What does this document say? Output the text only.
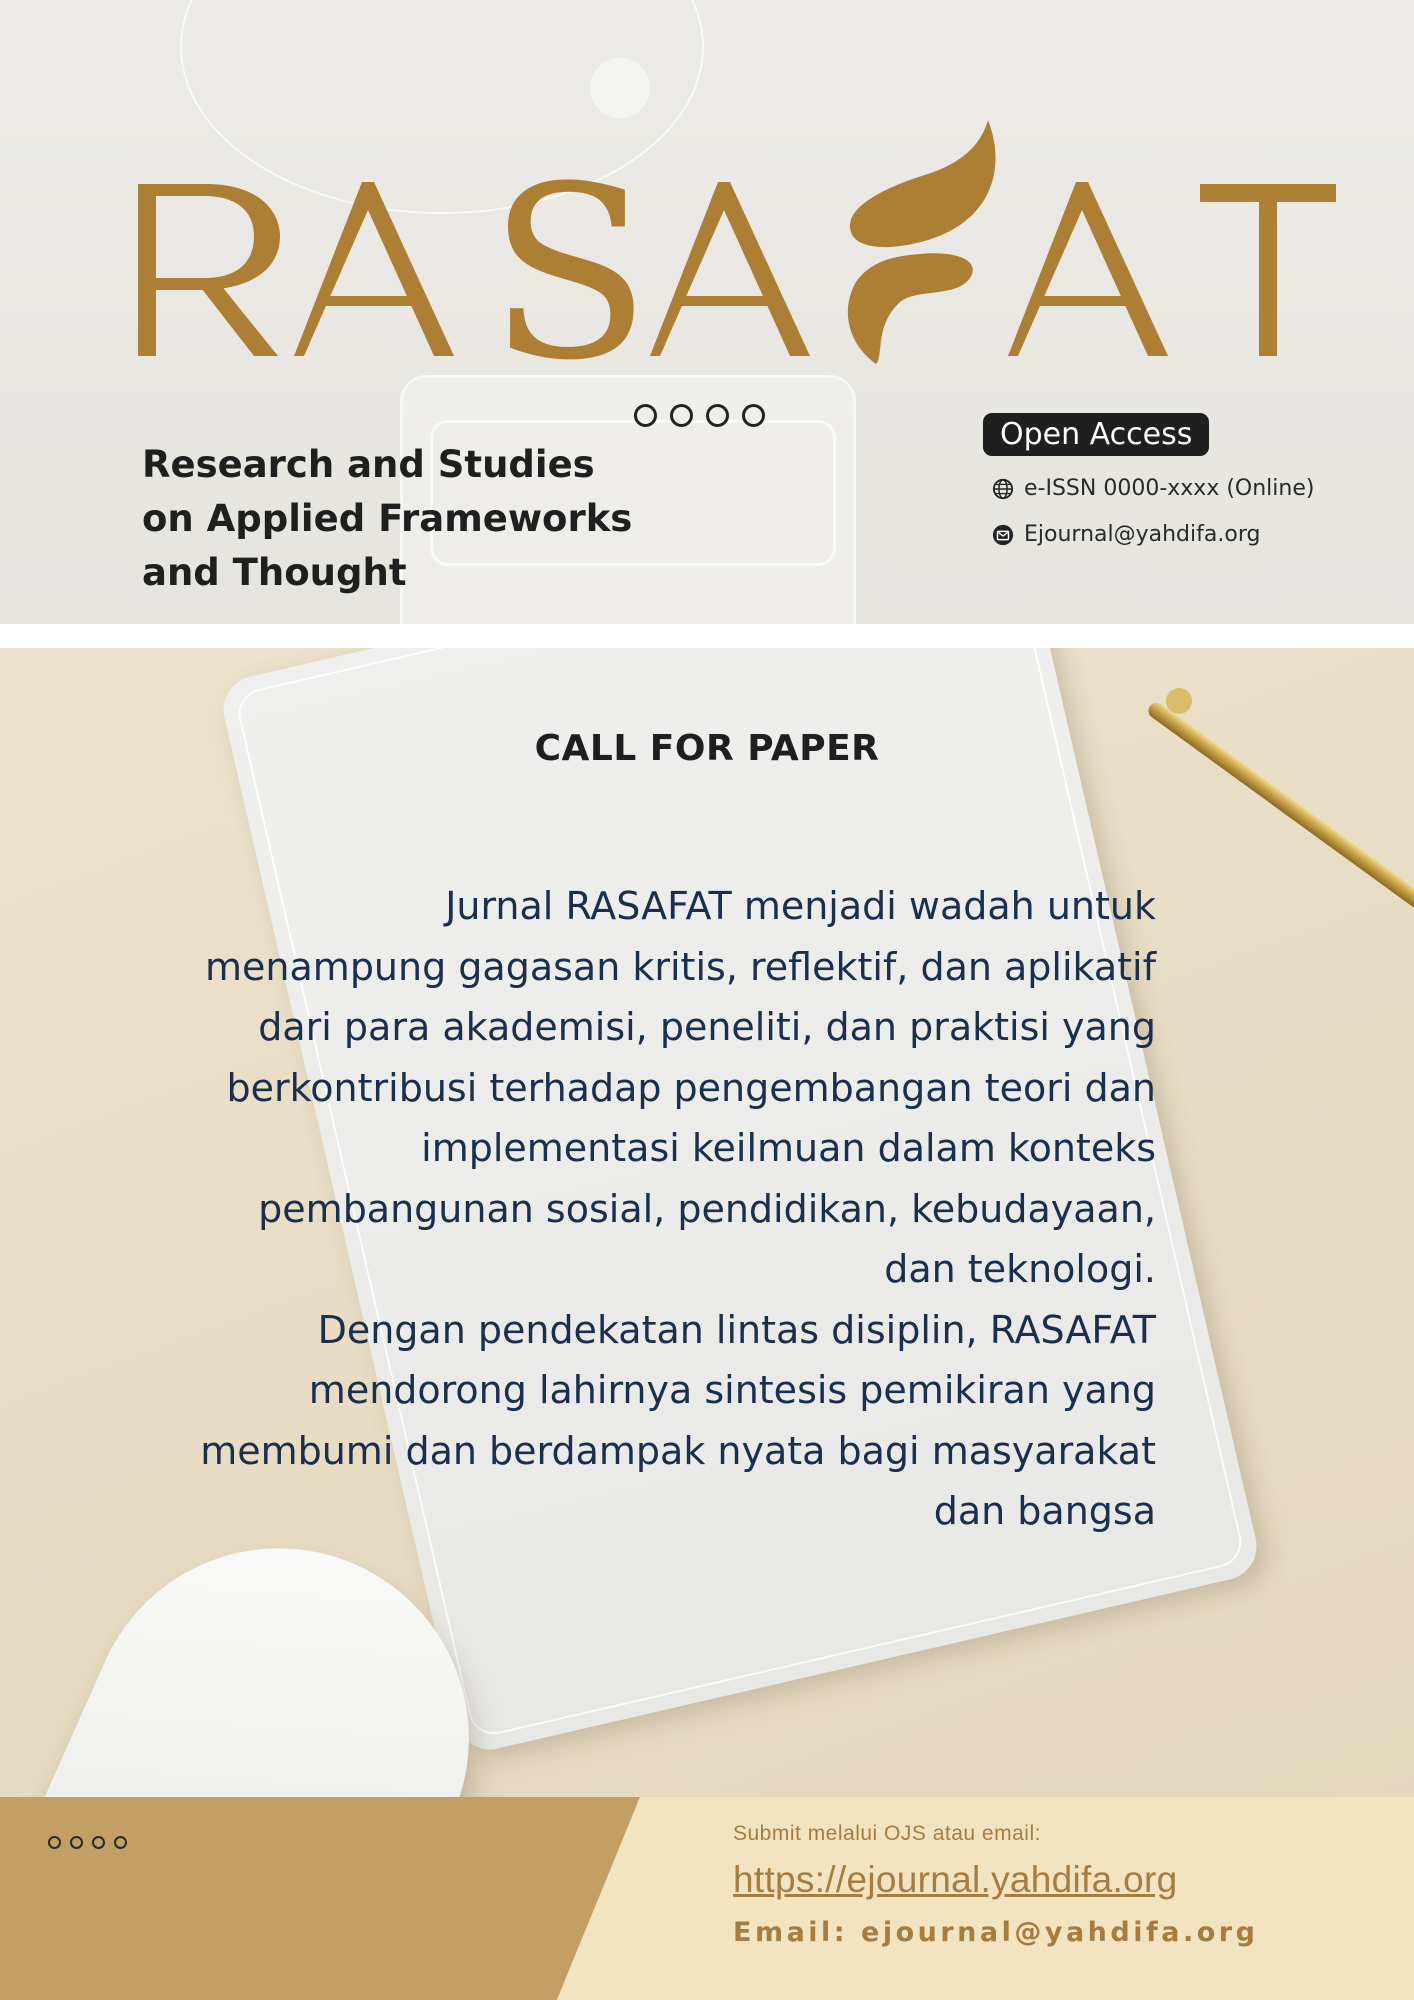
S
Research and Studies
on Applied Frameworks
and Thought
Open Access
e-ISSN 0000-xxxx (Online)
Ejournal@yahdifa.org
CALL FOR PAPER

Jurnal RASAFAT menjadi wadah untuk menampung gagasan kritis, reflektif, dan aplikatif dari para akademisi, peneliti, dan praktisi yang berkontribusi terhadap pengembangan teori dan implementasi keilmuan dalam konteks pembangunan sosial, pendidikan, kebudayaan, dan teknologi.

Dengan pendekatan lintas disiplin, RASAFAT mendorong lahirnya sintesis pemikiran yang membumi dan berdampak nyata bagi masyarakat dan bangsa

Submit melalui OJS atau email:
https://ejournal.yahdifa.org
Email: ejournal@yahdifa.org
